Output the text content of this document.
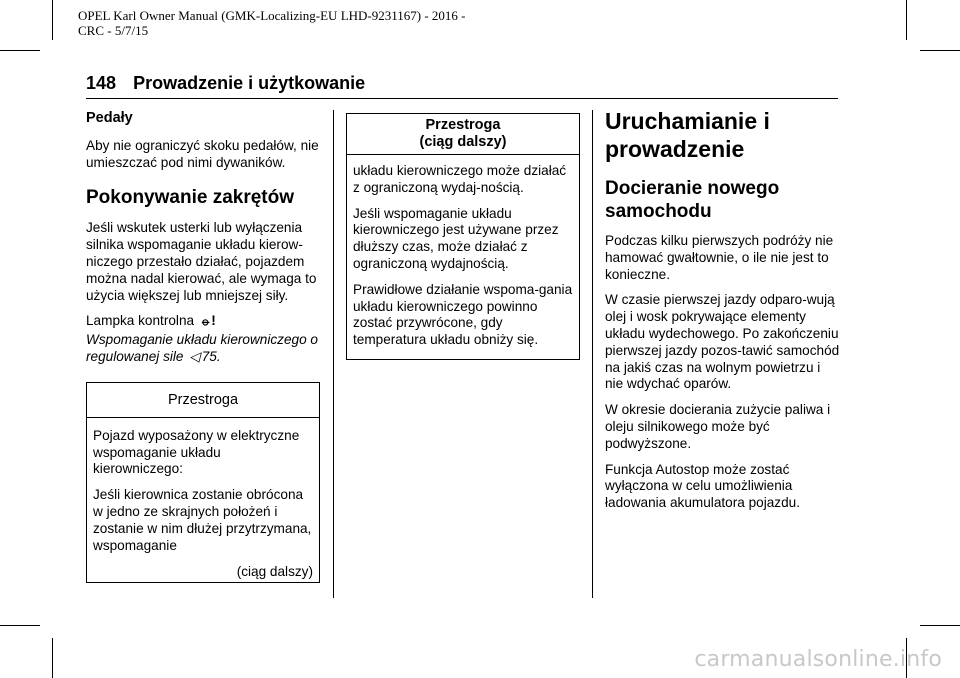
OPEL Karl Owner Manual (GMK-Localizing-EU LHD-9231167) - 2016 -
CRC - 5/7/15
148 Prowadzenie i użytkowanie
Pedały

Aby nie ograniczyć skoku pedałów, nie umieszczać pod nimi dywaników.

Pokonywanie zakrętów

Jeśli wskutek usterki lub wyłączenia silnika wspomaganie układu kierow-niczego przestało działać, pojazdem można nadal kierować, ale wymaga to użycia większej lub mniejszej siły.

Lampka kontrolna ⦵!

Wspomaganie układu kierowniczego o regulowanej sile ◁ 75.

Przestroga

Pojazd wyposażony w elektryczne wspomaganie układu kierowniczego:

Jeśli kierownica zostanie obrócona w jedno ze skrajnych położeń i zostanie w nim dłużej przytrzymana, wspomaganie

(ciąg dalszy)
Przestroga
(ciąg dalszy)

układu kierowniczego może działać z ograniczoną wydaj-nością.

Jeśli wspomaganie układu kierowniczego jest używane przez dłuższy czas, może działać z ograniczoną wydajnością.

Prawidłowe działanie wspoma-gania układu kierowniczego powinno zostać przywrócone, gdy temperatura układu obniży się.

Uruchamianie i prowadzenie
Docieranie nowego samochodu

Podczas kilku pierwszych podróży nie hamować gwałtownie, o ile nie jest to konieczne.

W czasie pierwszej jazdy odparo-wują olej i wosk pokrywające elementy układu wydechowego. Po zakończeniu pierwszej jazdy pozos-tawić samochód na jakiś czas na wolnym powietrzu i nie wdychać oparów.

W okresie docierania zużycie paliwa i oleju silnikowego może być podwyższone.

Funkcja Autostop może zostać wyłączona w celu umożliwienia ładowania akumulatora pojazdu.

carmanualsonline.info
